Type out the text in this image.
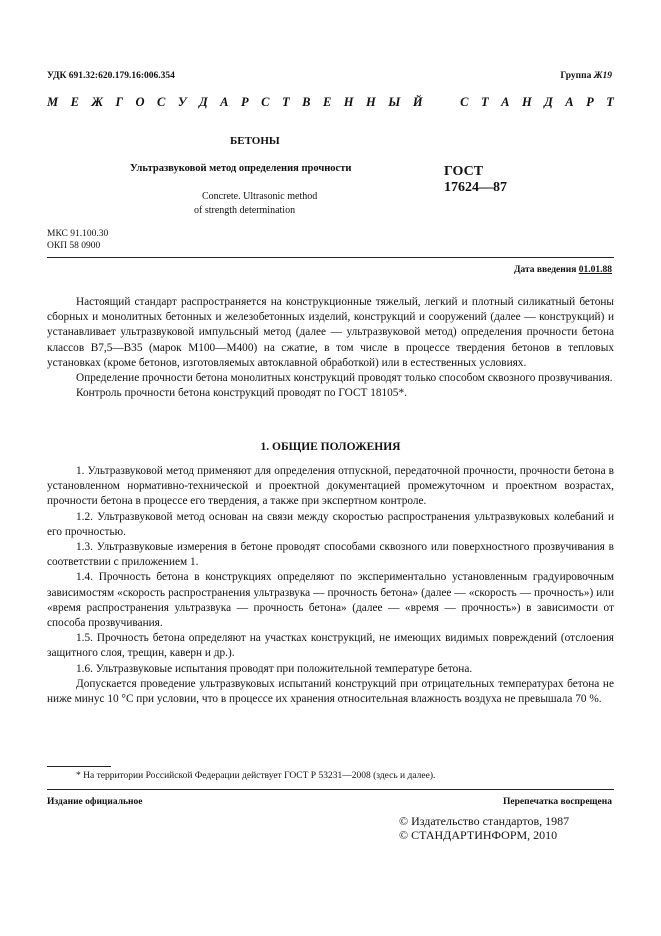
УДК 691.32:620.179.16:006.354	Группа Ж19
М Е Ж Г О С У Д А Р С Т В Е Н Н Ы Й	С Т А Н Д А Р Т
БЕТОНЫ
Ультразвуковой метод определения прочности	ГОСТ
17624—87
Concrete. Ultrasonic method
of strength determination
МКС 91.100.30
ОКП 58 0900
Дата введения 01.01.88

Настоящий стандарт распространяется на конструкционные тяжелый, легкий и плотный силикатный бетоны сборных и монолитных бетонных и железобетонных изделий, конструкций и сооружений (далее — конструкций) и устанавливает ультразвуковой импульсный метод (далее — ультразвуковой метод) определения прочности бетона классов В7,5—В35 (марок М100—М400) на сжатие, в том числе в процессе твердения бетонов в тепловых установках (кроме бетонов, изготовляемых автоклавной обработкой) или в естественных условиях.

Определение прочности бетона монолитных конструкций проводят только способом сквозного прозвучивания.

Контроль прочности бетона конструкций проводят по ГОСТ 18105*.

1. ОБЩИЕ ПОЛОЖЕНИЯ

1. Ультразвуковой метод применяют для определения отпускной, передаточной прочности, прочности бетона в установленном нормативно-технической и проектной документацией промежуточном и проектном возрастах, прочности бетона в процессе его твердения, а также при экспертном контроле.

1.2. Ультразвуковой метод основан на связи между скоростью распространения ультразвуковых колебаний и его прочностью.

1.3. Ультразвуковые измерения в бетоне проводят способами сквозного или поверхностного прозвучивания в соответствии с приложением 1.

1.4. Прочность бетона в конструкциях определяют по экспериментально установленным градуировочным зависимостям «скорость распространения ультразвука — прочность бетона» (далее — «скорость — прочность») или «время распространения ультразвука — прочность бетона» (далее — «время — прочность») в зависимости от способа прозвучивания.

1.5. Прочность бетона определяют на участках конструкций, не имеющих видимых повреждений (отслоения защитного слоя, трещин, каверн и др.).

1.6. Ультразвуковые испытания проводят при положительной температуре бетона.

Допускается проведение ультразвуковых испытаний конструкций при отрицательных температурах бетона не ниже минус 10 °С при условии, что в процессе их хранения относительная влажность воздуха не превышала 70 %.

* На территории Российской Федерации действует ГОСТ Р 53231—2008 (здесь и далее).
Издание официальное	Перепечатка воспрещена
© Издательство стандартов, 1987
© СТАНДАРТИНФОРМ, 2010
